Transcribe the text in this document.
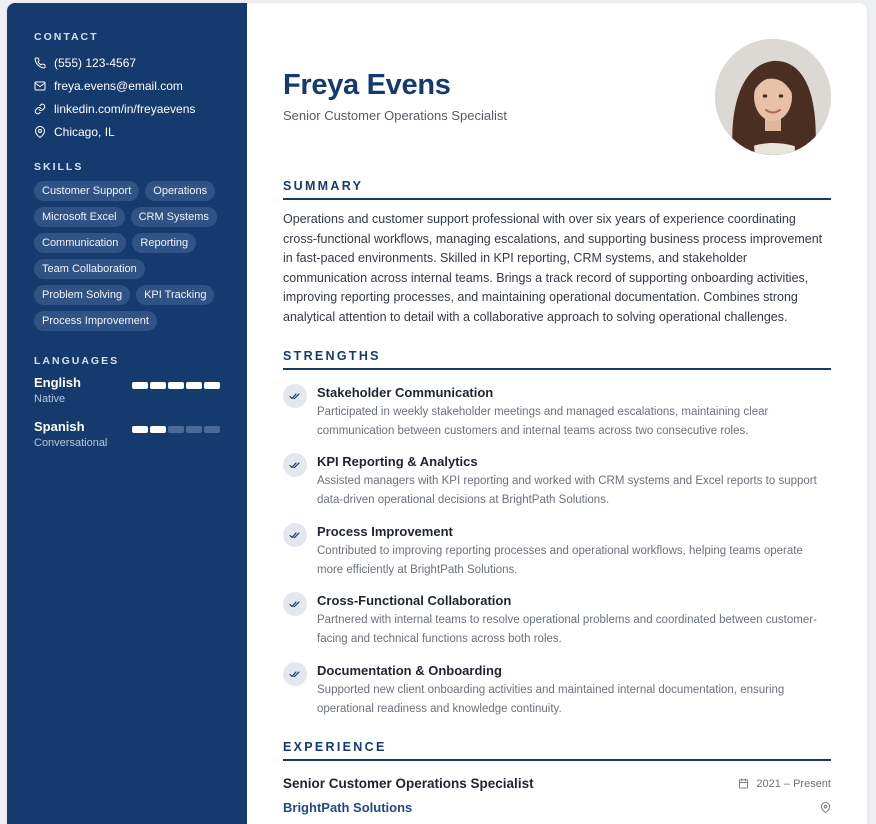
CONTACT
(555) 123-4567
freya.evens@email.com
linkedin.com/in/freyaevens
Chicago, IL
SKILLS
Customer Support	Operations
Microsoft Excel	CRM Systems
Communication	Reporting
Team Collaboration
Problem Solving	KPI Tracking
Process Improvement
LANGUAGES
English
Native
Spanish
Conversational
Freya Evens
Senior Customer Operations Specialist
SUMMARY

Operations and customer support professional with over six years of experience coordinating cross-functional workflows, managing escalations, and supporting business process improvement in fast-paced environments. Skilled in KPI reporting, CRM systems, and stakeholder communication across internal teams. Brings a track record of supporting onboarding activities, improving reporting processes, and maintaining operational documentation. Combines strong analytical attention to detail with a collaborative approach to solving operational challenges.

STRENGTHS
Stakeholder Communication
Participated in weekly stakeholder meetings and managed escalations, maintaining clear communication between customers and internal teams across two consecutive roles.
KPI Reporting & Analytics
Assisted managers with KPI reporting and worked with CRM systems and Excel reports to support data-driven operational decisions at BrightPath Solutions.
Process Improvement
Contributed to improving reporting processes and operational workflows, helping teams operate more efficiently at BrightPath Solutions.
Cross-Functional Collaboration
Partnered with internal teams to resolve operational problems and coordinated between customer-facing and technical functions across both roles.
Documentation & Onboarding
Supported new client onboarding activities and maintained internal documentation, ensuring operational readiness and knowledge continuity.
EXPERIENCE
Senior Customer Operations Specialist	2021 – Present
BrightPath Solutions
